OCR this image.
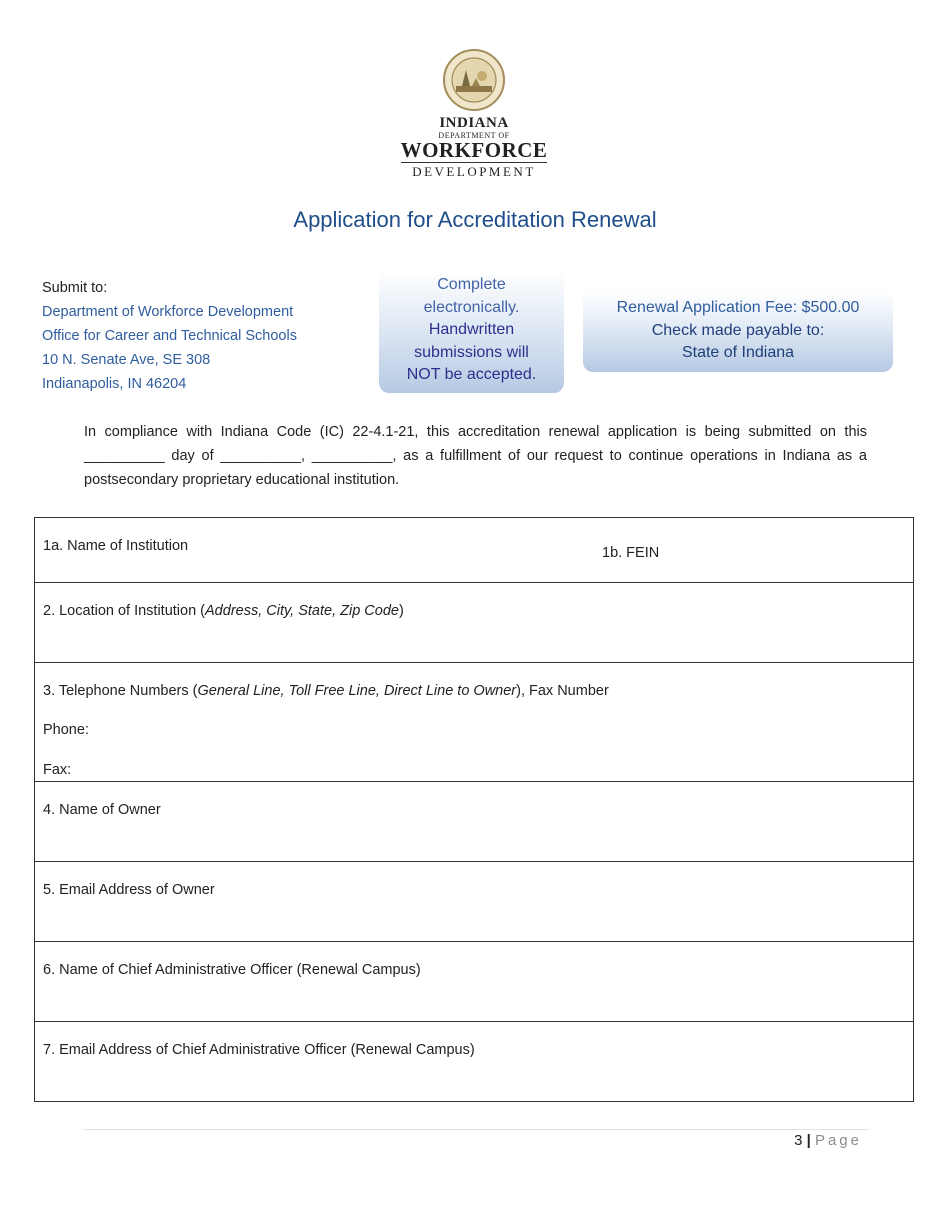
INDIANA
DEPARTMENT OF
WORKFORCE
DEVELOPMENT
Application for Accreditation Renewal
Submit to:
Department of Workforce Development
Office for Career and Technical Schools
10 N. Senate Ave, SE 308
Indianapolis, IN 46204
Complete
electronically.
Handwritten
submissions will
NOT be accepted.
Renewal Application Fee: $500.00
Check made payable to:
State of Indiana
In compliance with Indiana Code (IC) 22-4.1-21, this accreditation renewal application is being submitted on this __________ day of __________, __________, as a fulfillment of our request to continue operations in Indiana as a postsecondary proprietary educational institution.
1a. Name of Institution	1b. FEIN
2. Location of Institution (Address, City, State, Zip Code)
3. Telephone Numbers (General Line, Toll Free Line, Direct Line to Owner), Fax Number
Phone:
Fax:
4. Name of Owner
5. Email Address of Owner
6. Name of Chief Administrative Officer (Renewal Campus)
7. Email Address of Chief Administrative Officer (Renewal Campus)
3 | Page
